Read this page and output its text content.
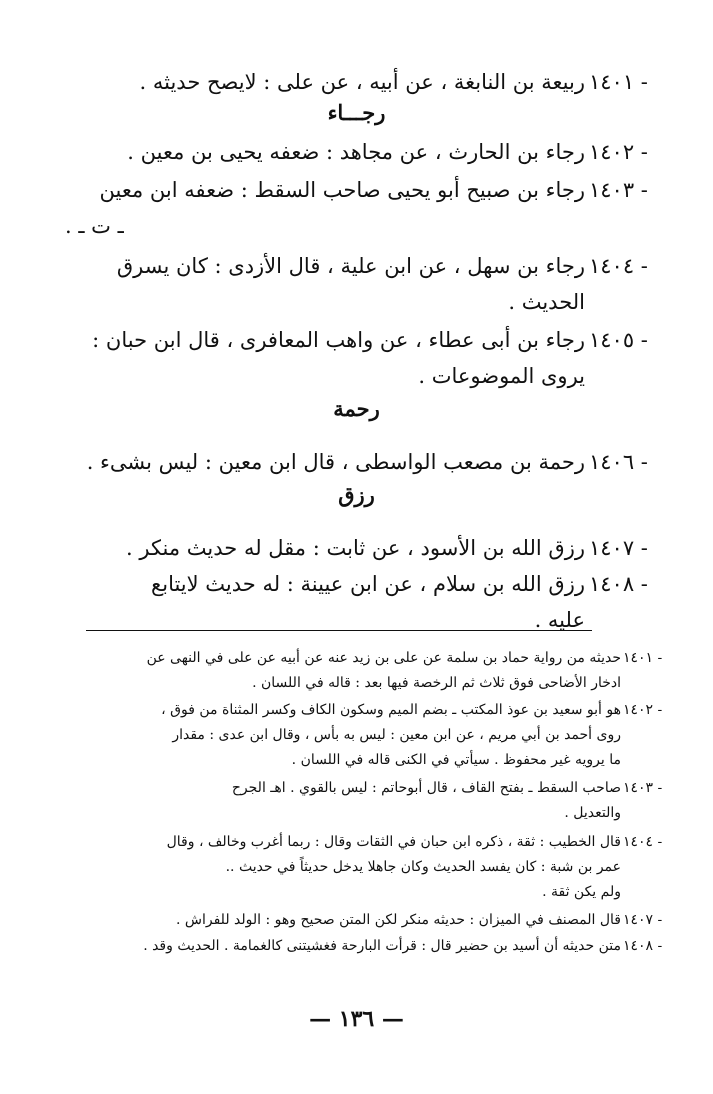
١٤٠١ -
ربيعة بن النابغة ، عن أبيه ، عن على : لايصح حديثه .
رجـــاء
١٤٠٢ -
رجاء بن الحارث ، عن مجاهد : ضعفه يحيى بن معين .
١٤٠٣ -
رجاء بن صبيح أبو يحيى صاحب السقط : ضعفه ابن معين
ـ ت ـ .
١٤٠٤ -
رجاء بن سهل ، عن ابن علية ، قال الأزدى : كان يسرق
الحديث .
١٤٠٥ -
رجاء بن أبى عطاء ، عن واهب المعافرى ، قال ابن حبان :
يروى الموضوعات .
رحمة
١٤٠٦ -
رحمة بن مصعب الواسطى ، قال ابن معين : ليس بشىء .
رزق
١٤٠٧ -
رزق الله بن الأسود ، عن ثابت : مقل له حديث منكر .
١٤٠٨ -
رزق الله بن سلام ، عن ابن عيينة : له حديث لايتابع
عليه .
١٤٠١ -
حديثه من رواية حماد بن سلمة عن على بن زيد عنه عن أبيه عن على في النهى عن
ادخار الأضاحى فوق ثلاث ثم الرخصة فيها بعد : قاله في اللسان .
١٤٠٢ -
هو أبو سعيد بن عوذ المكتب ـ بضم الميم وسكون الكاف وكسر المثناة من فوق ،
روى أحمد بن أبي مريم ، عن ابن معين : ليس به بأس ، وقال ابن عدى : مقدار
ما يرويه غير محفوظ . سيأتي في الكنى قاله في اللسان .
١٤٠٣ -
صاحب السقط ـ بفتح القاف ، قال أبوحاتم : ليس بالقوي . اهـ الجرح
والتعديل .
١٤٠٤ -
قال الخطيب : ثقة ، ذكره ابن حبان في الثقات وقال : ربما أغرب وخالف ، وقال
عمر بن شبة : كان يفسد الحديث وكان جاهلا يدخل حديثاً في حديث ..
ولم يكن ثقة .
١٤٠٧ -
قال المصنف في الميزان : حديثه منكر لكن المتن صحيح وهو : الولد للفراش .
١٤٠٨ -
متن حديثه أن أسيد بن حضير قال : قرأت البارحة فغشيتنى كالغمامة . الحديث وقد .
— ١٣٦ —
